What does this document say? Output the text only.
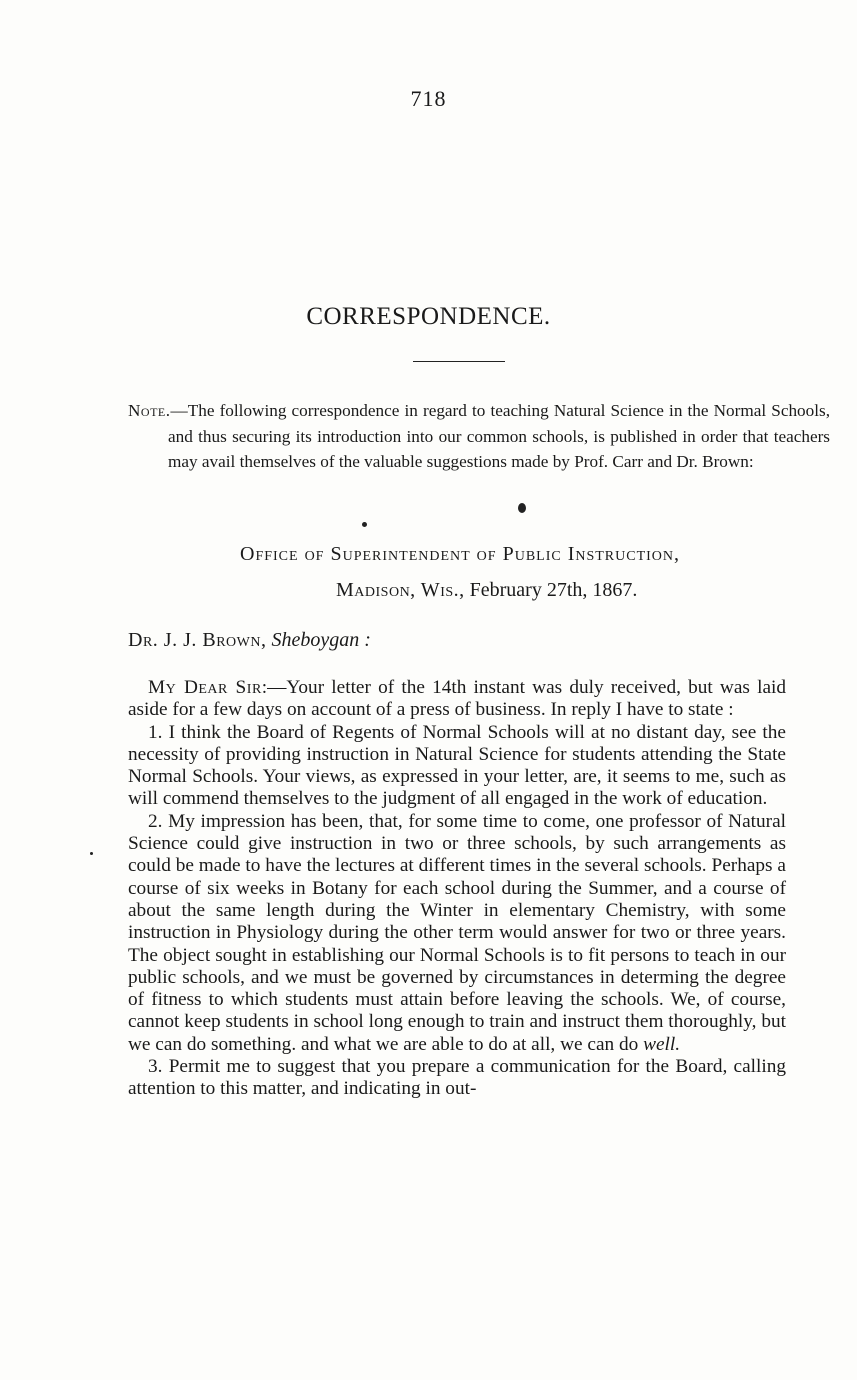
718
CORRESPONDENCE.

Note.—The following correspondence in regard to teaching Natural Science in the Normal Schools, and thus securing its introduction into our common schools, is published in order that teachers may avail themselves of the valuable suggestions made by Prof. Carr and Dr. Brown:

Office of Superintendent of Public Instruction,

Madison, Wis., February 27th, 1867.

Dr. J. J. Brown, Sheboygan :

My Dear Sir:—Your letter of the 14th instant was duly received, but was laid aside for a few days on account of a press of business. In reply I have to state :

1. I think the Board of Regents of Normal Schools will at no distant day, see the necessity of providing instruction in Natural Science for students attending the State Normal Schools. Your views, as expressed in your letter, are, it seems to me, such as will commend themselves to the judgment of all engaged in the work of education.

2. My impression has been, that, for some time to come, one professor of Natural Science could give instruction in two or three schools, by such arrangements as could be made to have the lectures at different times in the several schools. Perhaps a course of six weeks in Botany for each school during the Summer, and a course of about the same length during the Winter in elementary Chemistry, with some instruction in Physiology during the other term would answer for two or three years. The object sought in establishing our Normal Schools is to fit persons to teach in our public schools, and we must be governed by circumstances in determing the degree of fitness to which students must attain before leaving the schools. We, of course, cannot keep students in school long enough to train and instruct them thoroughly, but we can do something. and what we are able to do at all, we can do well.

3. Permit me to suggest that you prepare a communication for the Board, calling attention to this matter, and indicating in out-
